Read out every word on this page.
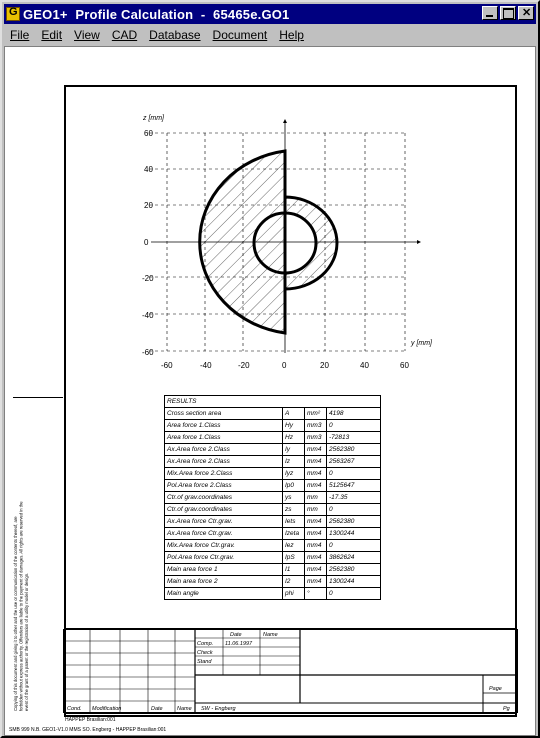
G
GEO1+  Profile Calculation  -  65465e.GO1
✕
File	Edit	View	CAD	Database	Document	Help
z [mm]
y [mm]
60
40
20
0
-20
-40
-60
-60	-40	-20	0	20	40	60
RESULTS			
Cross section area	A	mm²	4198
Area force 1.Class	Hy	mm3	0
Area force 1.Class	Hz	mm3	-72813
Ax.Area force 2.Class	Iy	mm4	2562380
Ax.Area force 2.Class	Iz	mm4	2563267
Mix.Area force 2.Class	Iyz	mm4	0
Pol.Area force 2.Class	Ip0	mm4	5125647
Ctr.of grav.coordinates	ys	mm	-17.35
Ctr.of grav.coordinates	zs	mm	0
Ax.Area force Ctr.grav.	Iets	mm4	2562380
Ax.Area force Ctr.grav.	Izeta	mm4	1300244
Mix.Area force Ctr.grav.	Iez	mm4	0
Pol.Area force Ctr.grav.	IpS	mm4	3862624
Main area force 1	I1	mm4	2562380
Main area force 2	I2	mm4	1300244
Main angle	phi	°	0
Copying of this document and giving it to other and the use or communication of the contents thereof, are forbidden without express authority. Offenders are liable to the payment of damages. All rights are reserved in the event of the grant of a patent or the registration of a utility model or design.	Date	Name
Comp. 11.06.1997
Check
Stand
Page
Pg
Cond. Modification	Date	Name SW - Engberg
HAPPEP Brasilian:001
SMB 999 N.B. GEO1-V1.0 MMS SO. Engberg - HAPPEP Brasilian:001
